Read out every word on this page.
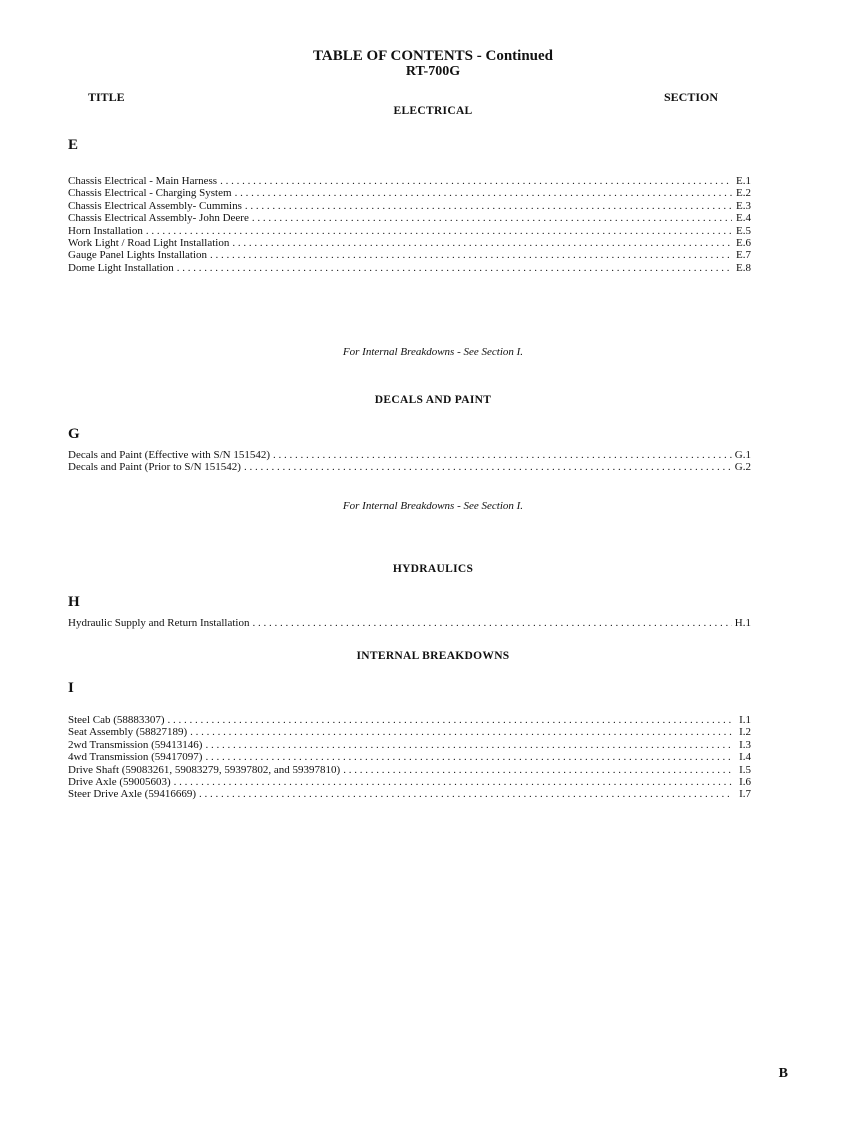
TABLE OF CONTENTS - Continued
RT-700G
TITLE	SECTION
ELECTRICAL
E
Chassis Electrical - Main Harness . . .	E.1
Chassis Electrical - Charging System . . .	E.2
Chassis Electrical Assembly- Cummins . . .	E.3
Chassis Electrical Assembly- John Deere . . .	E.4
Horn Installation . . .	E.5
Work Light / Road Light Installation . . .	E.6
Gauge Panel Lights Installation . . .	E.7
Dome Light Installation . . .	E.8
For Internal Breakdowns - See Section I.
DECALS AND PAINT
G
Decals and Paint (Effective with S/N 151542) . . .	G.1
Decals and Paint (Prior to S/N 151542) . . .	G.2
For Internal Breakdowns - See Section I.
HYDRAULICS
H
Hydraulic Supply and Return Installation . . .	H.1
INTERNAL BREAKDOWNS
I
Steel Cab (58883307) . . .	I.1
Seat Assembly (58827189) . . .	I.2
2wd Transmission (59413146) . . .	I.3
4wd Transmission (59417097) . . .	I.4
Drive Shaft (59083261, 59083279, 59397802, and 59397810) . . .	I.5
Drive Axle (59005603) . . .	I.6
Steer Drive Axle (59416669) . . .	I.7
B
